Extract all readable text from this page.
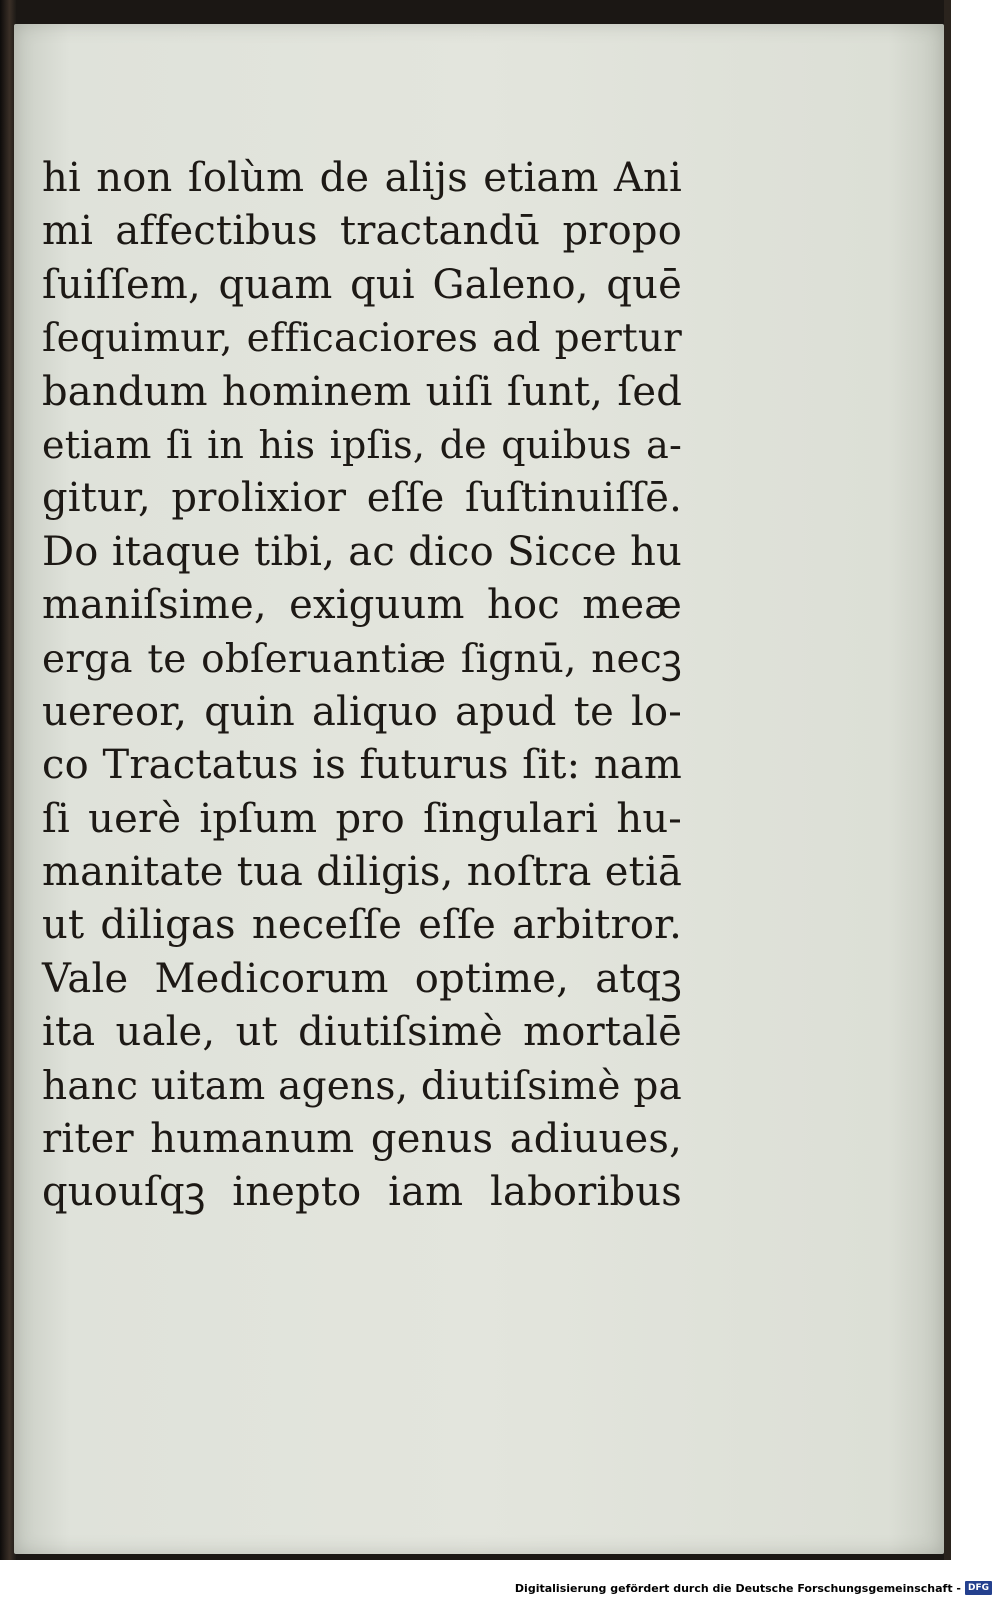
hi non ſolùm de alijs etiam Ani
mi affectibus tractandū propo
ſuiſſem, quam qui Galeno, quē
ſequimur, efficaciores ad pertur
bandum hominem uiſi ſunt, ſed
etiam ſi in his ipſis, de quibus a-
gitur, prolixior eſſe ſuſtinuiſſē.
Do itaque tibi, ac dico Sicce hu
maniſsime, exiguum hoc meæ
erga te obſeruantiæ ſignū, necꝫ
uereor, quin aliquo apud te lo-
co Tractatus is futurus ſit: nam
ſi uerè ipſum pro ſingulari hu-
manitate tua diligis, noſtra etiā
ut diligas neceſſe eſſe arbitror.
Vale Medicorum optime, atqꝫ
ita uale, ut diutiſsimè mortalē
hanc uitam agens, diutiſsimè pa
riter humanum genus adiuues,
quouſqꝫ inepto iam laboribus
Digitalisierung gefördert durch die Deutsche Forschungsgemeinschaft - DFG
